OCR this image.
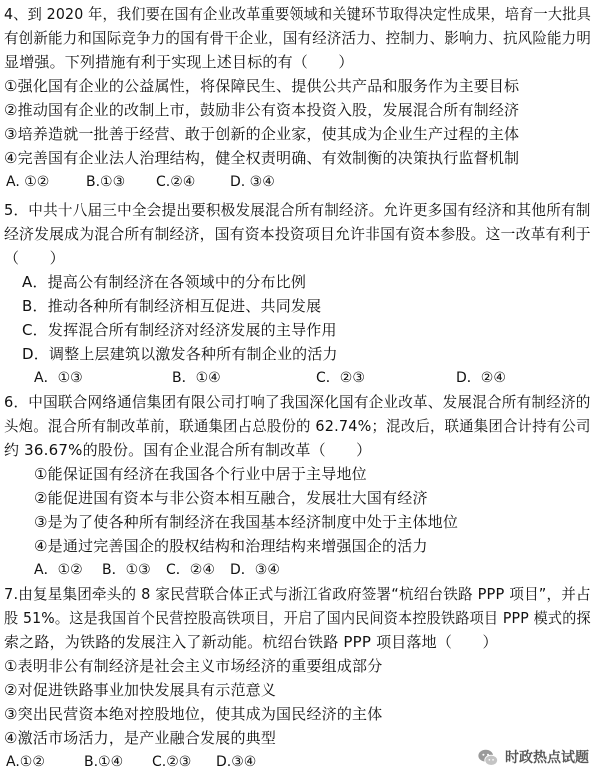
4、到 2020 年，我们要在国有企业改革重要领域和关键环节取得决定性成果，培育一大批具
有创新能力和国际竞争力的国有骨干企业，国有经济活力、控制力、影响力、抗风险能力明
显增强。下列措施有利于实现上述目标的有（　　）
①强化国有企业的公益属性，将保障民生、提供公共产品和服务作为主要目标
②推动国有企业的改制上市，鼓励非公有资本投资入股，发展混合所有制经济
③培养造就一批善于经营、敢于创新的企业家，使其成为企业生产过程的主体
④完善国有企业法人治理结构，健全权责明确、有效制衡的决策执行监督机制
A. ①②	B.①③ C.②④ D. ③④
5．中共十八届三中全会提出要积极发展混合所有制经济。允许更多国有经济和其他所有制
经济发展成为混合所有制经济，国有资本投资项目允许非国有资本参股。这一改革有利于
（　　）
A．提高公有制经济在各领域中的分布比例
B．推动各种所有制经济相互促进、共同发展
C．发挥混合所有制经济对经济发展的主导作用
D．调整上层建筑以激发各种所有制企业的活力
A．①③	B．①④	C．②③	D．②④
6．中国联合网络通信集团有限公司打响了我国深化国有企业改革、发展混合所有制经济的
头炮。混合所有制改革前，联通集团占总股份的 62.74%；混改后，联通集团合计持有公司
约 36.67%的股份。国有企业混合所有制改革（　　）
①能保证国有经济在我国各个行业中居于主导地位
②能促进国有资本与非公资本相互融合，发展壮大国有经济
③是为了使各种所有制经济在我国基本经济制度中处于主体地位
④是通过完善国企的股权结构和治理结构来增强国企的活力
A．①② B．①③ C．②④ D．③④
7.由复星集团牵头的 8 家民营联合体正式与浙江省政府签署“杭绍台铁路 PPP 项目”，并占
股 51%。这是我国首个民营控股高铁项目，开启了国内民间资本控股铁路项目 PPP 模式的探
索之路，为铁路的发展注入了新动能。杭绍台铁路 PPP 项目落地（　　）
①表明非公有制经济是社会主义市场经济的重要组成部分
②对促进铁路事业加快发展具有示范意义
③突出民营资本绝对控股地位，使其成为国民经济的主体
④激活市场活力，是产业融合发展的典型
A.①②	B.①④ C.②③ D.③④	时政热点试题
